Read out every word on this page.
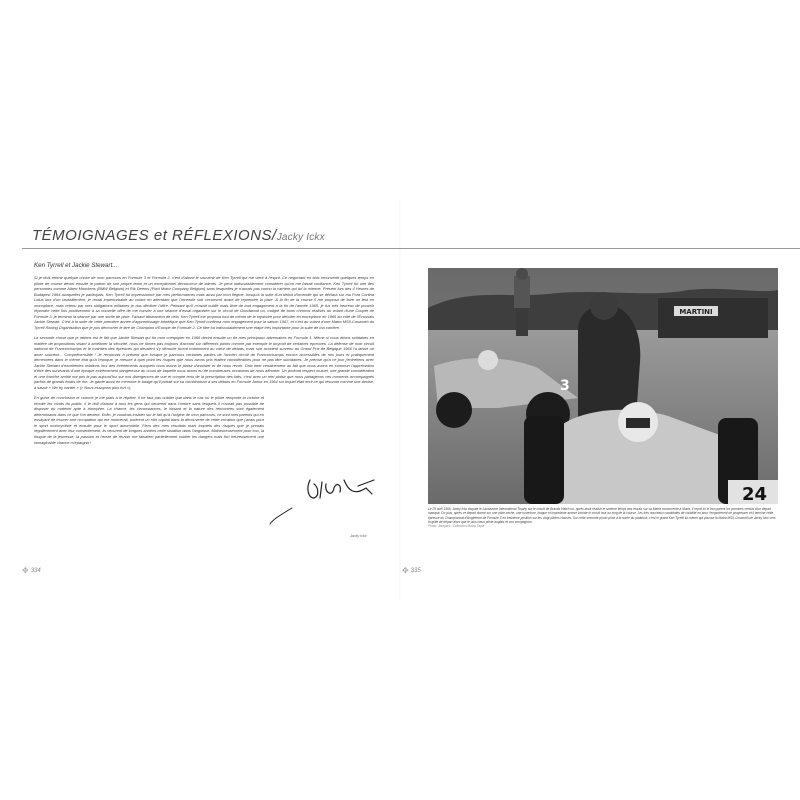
TÉMOIGNAGES et RÉFLEXIONS/Jacky Ickx
Ken Tyrrell et Jackie Stewart...

Si je dois retenir quelque chose de mon parcours en Formule 3 et Formule 2, c'est d'abord le souvenir de Ken Tyrrell qui me vient à l'esprit. Ce négociant en bois reconvertit quelques temps en pilote de course devint ensuite le patron de son propre team et un exceptionnel découvreur de talents. Je peux indiscutablement considérer qu'on me faisait confiance, Ken Tyrrell fut une des personnes comme Albert Moorkens (BMW Belgium) et Rik Deems (Ford Motor Company Belgium) sans lesquelles je n'aurais pas connu la carrière qui fut la mienne. Présent lors des 4 Heures de Budapest 1964 auxquelles je participais, Ken Tyrrell fut impressionné par mes performances mais aussi par mon flegme, lorsqu'à la suite d'un début d'incendie qui se déclara sur ma Ford Cortina Lotus lors d'un ravitaillement, je restai imperturbable au volant en attendant que l'incendie soit circonscrit avant de reprendre la piste. À la fin de la course il me proposa de faire un test en monoplace, mais retenu par mes obligations militaires je dus décliner l'offre. Pensant qu'il m'avait oublié mais libre de tout engagement à la fin de l'année 1965, je fus très heureux de pouvoir répondre cette fois positivement à sa nouvelle offre de me convier à une séance d'essai organisée sur le circuit de Goodwood où, malgré de bons chronos réalisés au volant d'une Cooper de Formule 3, je terminai la séance par une sortie de piste. Faisant abstraction de cela, Ken Tyrrell me proposa tout de même de le rejoindre pour débuter en monoplace en 1966 au côté de l'Écossais Jackie Stewart. C'est à la suite de cette première année d'apprentissage bénéfique que Ken Tyrrell confirma mon engagement pour la saison 1967, et c'est au volant d'une Matra MS5-Cosworth du Tyrrell Racing Organisation que je pus décrocher le titre de Champion d'Europe de Formule 2. Ce titre fut indiscutablement une étape très importante pour la suite de ma carrière.

La seconde chose que je retiens est le fait que Jackie Stewart qui fut mon coéquipier en 1966 devint ensuite un de mes principaux adversaires en Formule 1. Même si nous étions solidaires en matière de propositions visant à améliorer la sécurité, nous ne fûmes pas toujours d'accord sur différents points comme par exemple le boycott de certaines épreuves. La défense de mon circuit national de Francorchamps et le maintien des épreuves qui devaient s'y dérouler furent notamment au cœur de débats, mais son accident survenu au Grand Prix de Belgique 1966 l'a laissé un amer souvenir... Compréhensible ! Je reconnais à présent que lorsque je parcours certaines parties de l'ancien circuit de Francorchamps encore accessibles de nos jours et pratiquement demeurées dans le même état qu'à l'époque, je mesure à quel point les risques que nous avons pris étaient considérables pour ne pas dire suicidaires. Je précise qu'à ce jour j'entretiens avec Jackie Stewart d'excellentes relations lors des événements auxquels nous avons le plaisir d'assister et de nous revoir. Cela tient certainement au fait que nous avons en commun l'appréciation d'être des survivants d'une époque extrêmement dangereuse au cours de laquelle nous avons eu de nombreuses occasions de nous affronter. Un profond respect mutuel, une grande considération et une franche amitié ont pris le pas aujourd'hui sur nos divergences de vue et compte tenu de la prescription des faits, c'est avec un réel plaisir que nous partageons ces moments accompagnés parfois de grands éclats de rire. Je garde aussi en mémoire le badge qu'il portait sur sa combinaison à ses débuts en Formule Junior en 1964 sur lequel était écrit ce qui résonne comme une devise, à savoir « We try harder » (« Nous essayons plus fort »).

En guise de conclusion et comme je me plais à le répéter, il ne faut pas oublier que dans le cas où le pilote remporte la victoire et récolte les vivats du public, il le doit d'abord à tous les gens qui oeuvrent dans l'ombre sans lesquels il n'aurait pas possible de disposer du matériel apte à triompher. La chance, les circonstances, le hasard et la nature des rencontres sont également déterminants dans ce que l'on devient. Enfin, je voudrais insister sur le fait qu'à l'origine de mon parcours, ce sont mes parents qui en essayant de trouver une occupation qui me motiverait, jouèrent un rôle capital dans la découverte de cette vocation que j'avais pour le sport motocycliste et ensuite pour le sport automobile. Fiers des mes résultats mais inquiets des risques que je prenais régulièrement avec leur consentement, ils vécurent de longues années cette situation dans l'angoisse. Malheureusement pour eux, la fougue de la jeunesse, la passion et l'envie de réussir me faisaient partiellement oublier les dangers mais fort heureusement une inimaginable chance m'épargna !

Jacky Ickx
✥ 334	✥ 335
MARTINI
3
24
Le 29 avril 1966, Jacky Ickx dispute le Lavazzone International Trophy sur le circuit de Brands Hatch où, après avoir réalisé le sixième temps des essais sur sa Matra concurrente à Mario, il reçoit ici le bon parent les premiers verdus d'un départ manqué. Du plus, après ce départ donné sur une piste sèche, une ouverture, longue et importante averse inonde le circuit tout au long de la course. Les très nouveaux candidatés de visibilité ne pour l'emportèrent de progresser et il termine cette épreuve du Championnat d'Angleterre de Formule 3 en treizième position sur les vingt pilotes classés. Sur cette seconde photo prise à la sortie du paddock, c'est le grand Ken Tyrrell lui-même qui pousse la Matra MS5-Cosworth de Jacky Ickx vers la grille de départ alors que le plus vieux pilote anglais et son compagnon.
Photo: Jacques / Collection Matra-Tapie
